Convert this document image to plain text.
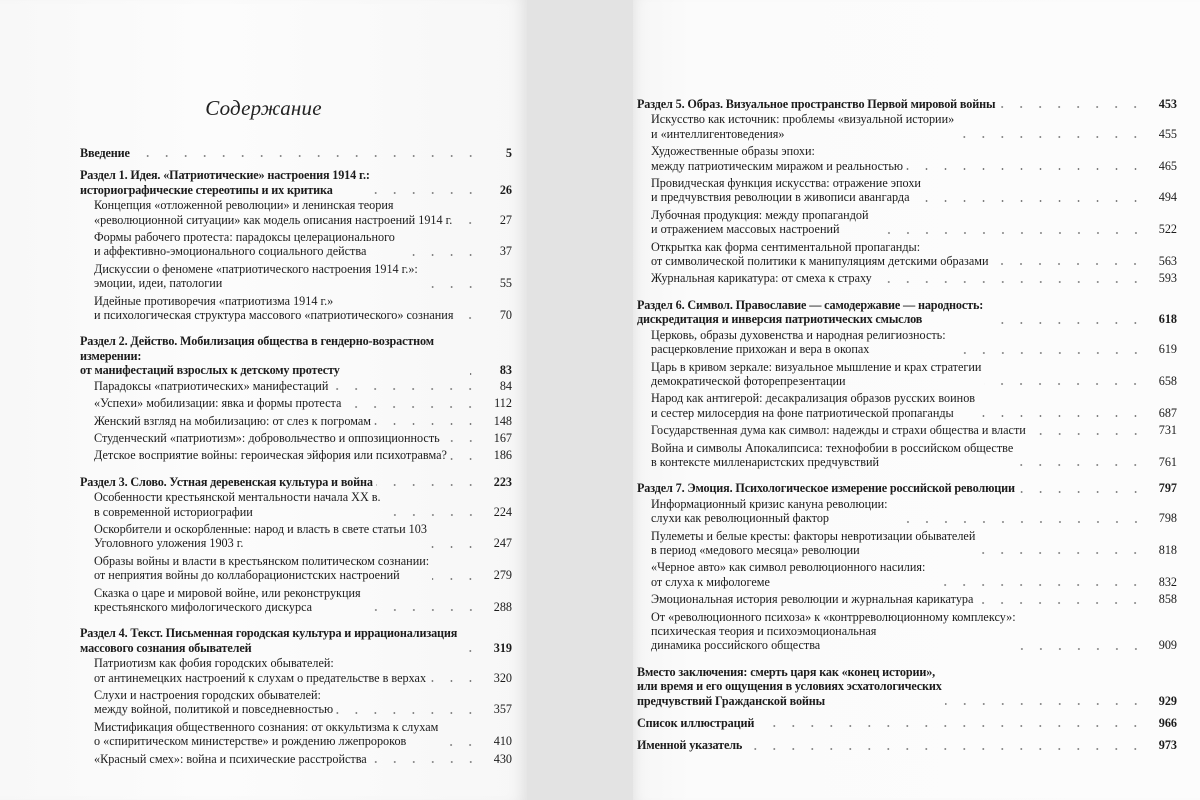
Содержание
Введение	5
Раздел 1. Идея. «Патриотические» настроения 1914 г.:
историографические стереотипы и их критика	26
Концепция «отложенной революции» и ленинская теория
«революционной ситуации» как модель описания настроений 1914 г.	27
Формы рабочего протеста: парадоксы целерационального
и аффективно-эмоционального социального действа	37
Дискуссии о феномене «патриотического настроения 1914 г.»:
эмоции, идеи, патологии	55
Идейные противоречия «патриотизма 1914 г.»
и психологическая структура массового «патриотического» сознания	70
Раздел 2. Действо. Мобилизация общества в гендерно-возрастном измерении:
от манифестаций взрослых к детскому протесту	83
Парадоксы «патриотических» манифестаций	84
«Успехи» мобилизации: явка и формы протеста	112
Женский взгляд на мобилизацию: от слез к погромам	148
Студенческий «патриотизм»: добровольчество и оппозиционность	167
Детское восприятие войны: героическая эйфория или психотравма?	186
Раздел 3. Слово. Устная деревенская культура и война	223
Особенности крестьянской ментальности начала XX в.
в современной историографии	224
Оскорбители и оскорбленные: народ и власть в свете статьи 103
Уголовного уложения 1903 г.	247
Образы войны и власти в крестьянском политическом сознании:
от неприятия войны до коллаборационистских настроений	279
Сказка о царе и мировой войне, или реконструкция
крестьянского мифологического дискурса	288
Раздел 4. Текст. Письменная городская культура и иррационализация
массового сознания обывателей	319
Патриотизм как фобия городских обывателей:
от антинемецких настроений к слухам о предательстве в верхах	320
Слухи и настроения городских обывателей:
между войной, политикой и повседневностью	357
Мистификация общественного сознания: от оккультизма к слухам
о «спиритическом министерстве» и рождению лжепророков	410
«Красный смех»: война и психические расстройства	430
Раздел 5. Образ. Визуальное пространство Первой мировой войны	453
Искусство как источник: проблемы «визуальной истории»
и «интеллигентоведения»	455
Художественные образы эпохи:
между патриотическим миражом и реальностью	465
Провидческая функция искусства: отражение эпохи
и предчувствия революции в живописи авангарда	494
Лубочная продукция: между пропагандой
и отражением массовых настроений	522
Открытка как форма сентиментальной пропаганды:
от символической политики к манипуляциям детскими образами	563
Журнальная карикатура: от смеха к страху	593
Раздел 6. Символ. Православие — самодержавие — народность:
дискредитация и инверсия патриотических смыслов	618
Церковь, образы духовенства и народная религиозность:
расцерковление прихожан и вера в окопах	619
Царь в кривом зеркале: визуальное мышление и крах стратегии
демократической фоторепрезентации	658
Народ как антигерой: десакрализация образов русских воинов
и сестер милосердия на фоне патриотической пропаганды	687
Государственная дума как символ: надежды и страхи общества и власти	731
Война и символы Апокалипсиса: технофобии в российском обществе
в контексте милленаристских предчувствий	761
Раздел 7. Эмоция. Психологическое измерение российской революции	797
Информационный кризис кануна революции:
слухи как революционный фактор	798
Пулеметы и белые кресты: факторы невротизации обывателей
в период «медового месяца» революции	818
«Черное авто» как символ революционного насилия:
от слуха к мифологеме	832
Эмоциональная история революции и журнальная карикатура	858
От «революционного психоза» к «контрреволюционному комплексу»:
психическая теория и психоэмоциональная
динамика российского общества	909
Вместо заключения: смерть царя как «конец истории»,
или время и его ощущения в условиях эсхатологических
предчувствий Гражданской войны	929
Список иллюстраций	966
Именной указатель	973
